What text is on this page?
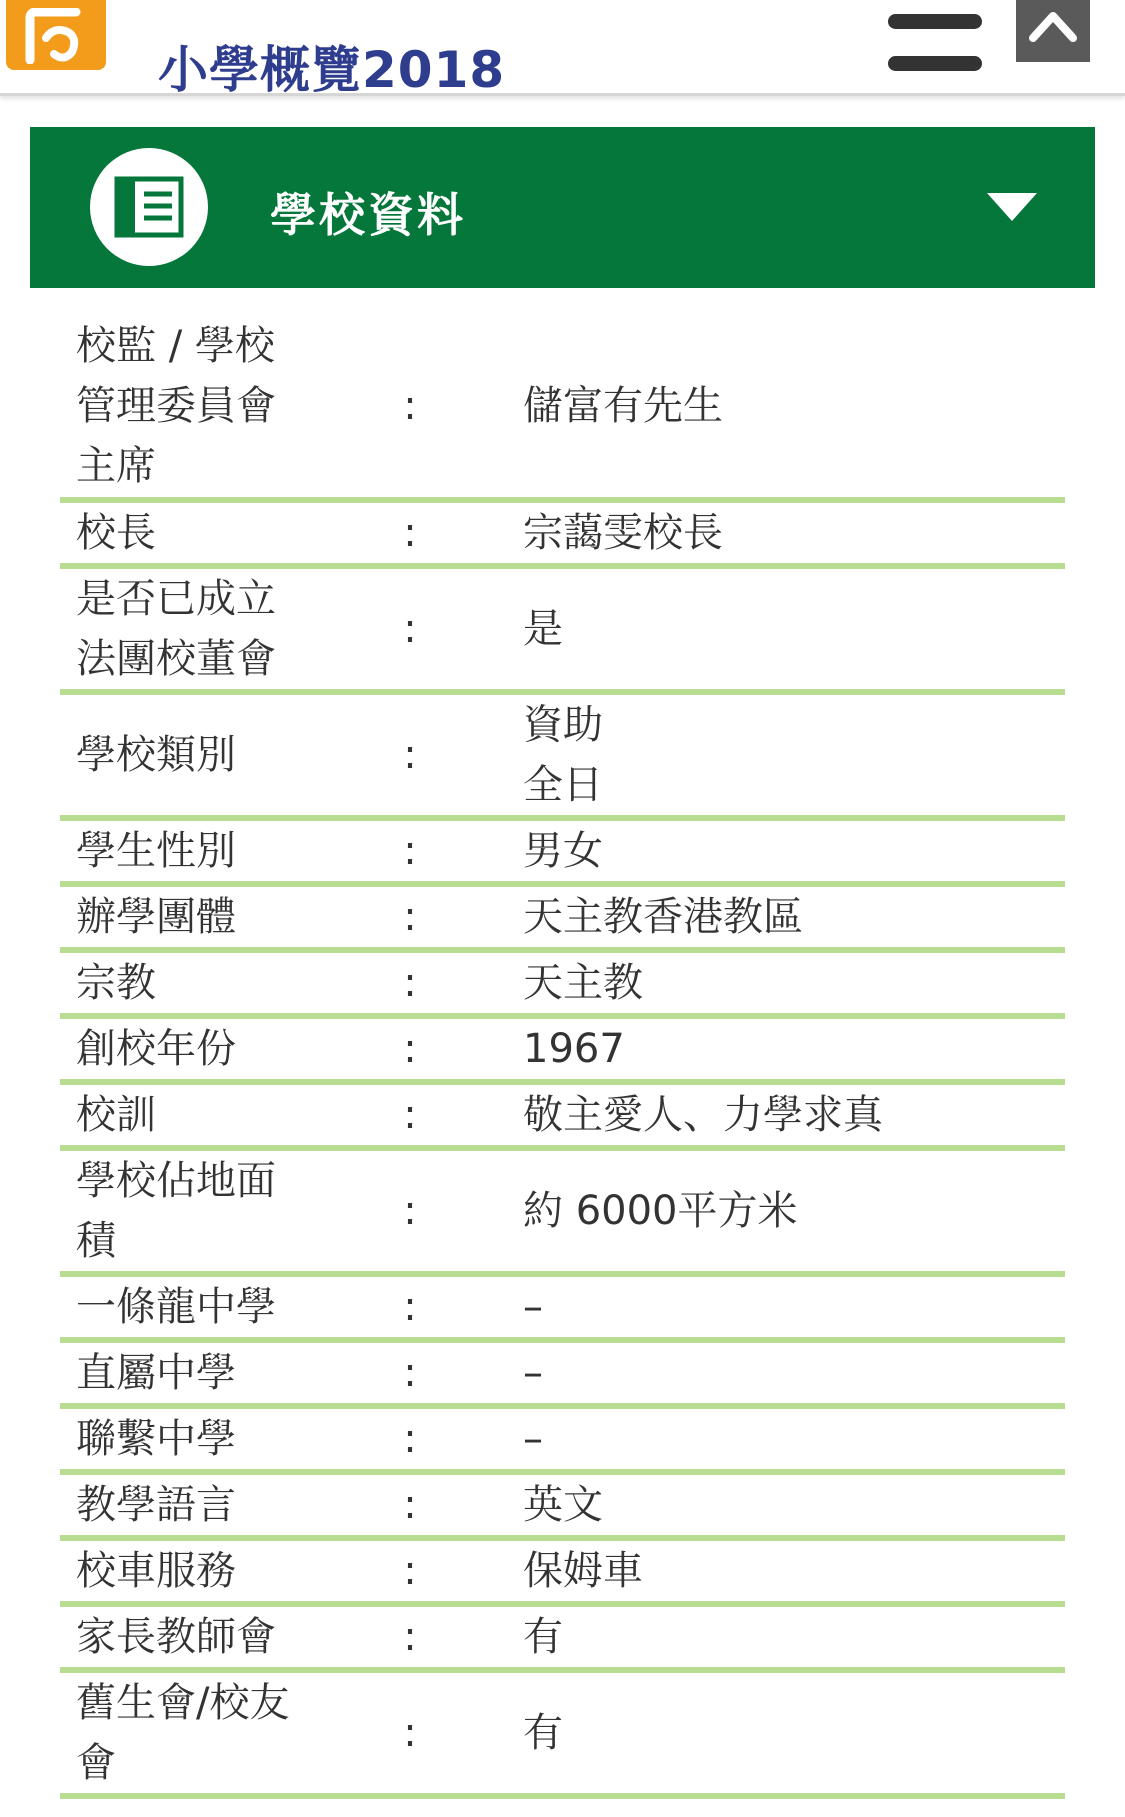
小學概覽2018
學校資料
校監 / 學校
管理委員會
主席
:	儲富有先生
校長	:	宗藹雯校長
是否已成立
法團校董會
:	是
學校類別	:
資助
全日
學生性別	:	男女
辦學團體	:	天主教香港教區
宗教	:	天主教
創校年份	:	1967
校訓	:	敬主愛人、力學求真
學校佔地面
積
:	約 6000平方米
一條龍中學	:	–
直屬中學	:	–
聯繫中學	:	–
教學語言	:	英文
校車服務	:	保姆車
家長教師會	:	有
舊生會/校友
會
:	有
